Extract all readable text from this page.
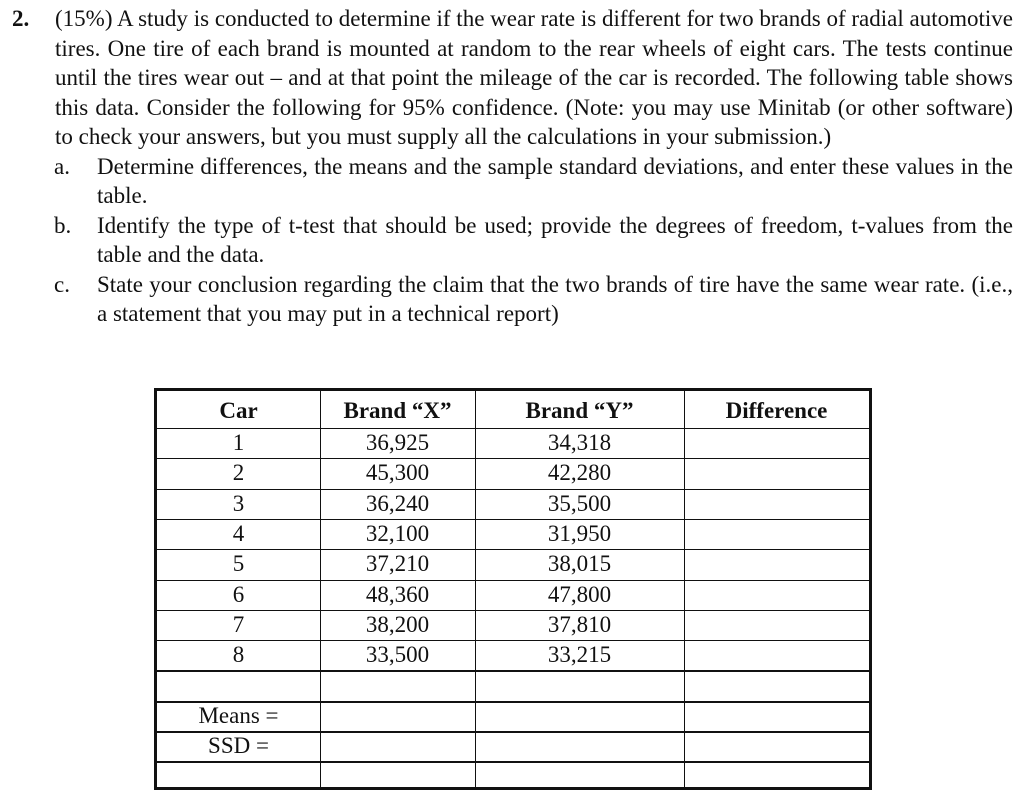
2. (15%) A study is conducted to determine if the wear rate is different for two brands of radial automotive tires. One tire of each brand is mounted at random to the rear wheels of eight cars. The tests continue until the tires wear out – and at that point the mileage of the car is recorded. The following table shows this data. Consider the following for 95% confidence. (Note: you may use Minitab (or other software) to check your answers, but you must supply all the calculations in your submission.)
a. Determine differences, the means and the sample standard deviations, and enter these values in the table.
b. Identify the type of t-test that should be used; provide the degrees of freedom, t-values from the table and the data.
c. State your conclusion regarding the claim that the two brands of tire have the same wear rate. (i.e., a statement that you may put in a technical report)
Car	Brand “X”	Brand “Y”	Difference
1	36,925	34,318
2	45,300	42,280
3	36,240	35,500
4	32,100	31,950
5	37,210	38,015
6	48,360	47,800
7	38,200	37,810
8	33,500	33,215
Means =
SSD =
